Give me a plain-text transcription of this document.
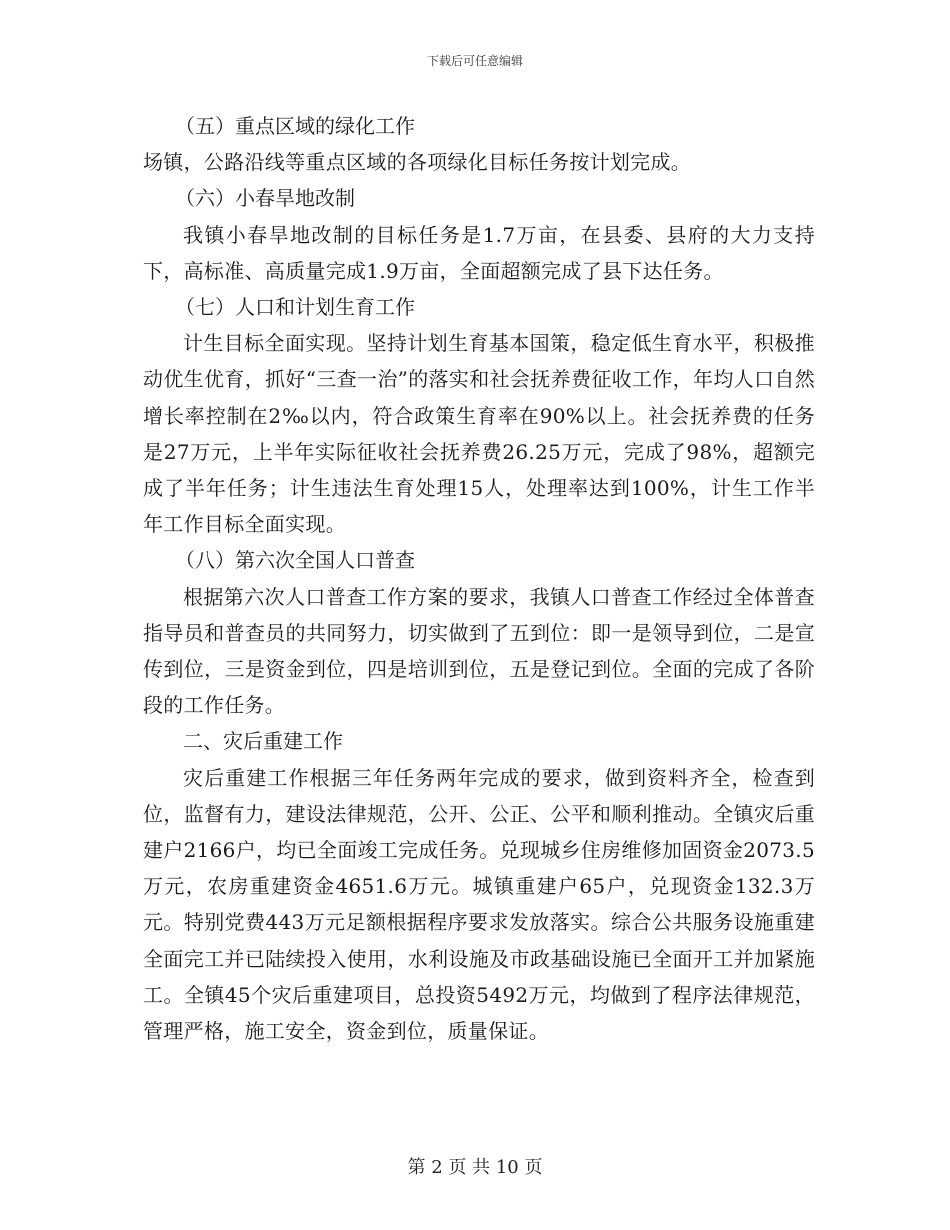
下载后可任意编辑

（五）重点区域的绿化工作

场镇，公路沿线等重点区域的各项绿化目标任务按计划完成。

（六）小春旱地改制

我镇小春旱地改制的目标任务是1.7万亩，在县委、县府的大力支持下，高标准、高质量完成1.9万亩，全面超额完成了县下达任务。

（七）人口和计划生育工作

计生目标全面实现。坚持计划生育基本国策，稳定低生育水平，积极推动优生优育，抓好“三查一治”的落实和社会抚养费征收工作，年均人口自然增长率控制在2‰以内，符合政策生育率在90%以上。社会抚养费的任务是27万元，上半年实际征收社会抚养费26.25万元，完成了98%，超额完成了半年任务；计生违法生育处理15人，处理率达到100%，计生工作半年工作目标全面实现。

（八）第六次全国人口普查

根据第六次人口普查工作方案的要求，我镇人口普查工作经过全体普查指导员和普查员的共同努力，切实做到了五到位：即一是领导到位，二是宣传到位，三是资金到位，四是培训到位，五是登记到位。全面的完成了各阶段的工作任务。

二、灾后重建工作

灾后重建工作根据三年任务两年完成的要求，做到资料齐全，检查到位，监督有力，建设法律规范，公开、公正、公平和顺利推动。全镇灾后重建户2166户，均已全面竣工完成任务。兑现城乡住房维修加固资金2073.5万元，农房重建资金4651.6万元。城镇重建户65户，兑现资金132.3万元。特别党费443万元足额根据程序要求发放落实。综合公共服务设施重建全面完工并已陆续投入使用，水利设施及市政基础设施已全面开工并加紧施工。全镇45个灾后重建项目，总投资5492万元，均做到了程序法律规范，管理严格，施工安全，资金到位，质量保证。

第 2 页 共 10 页
